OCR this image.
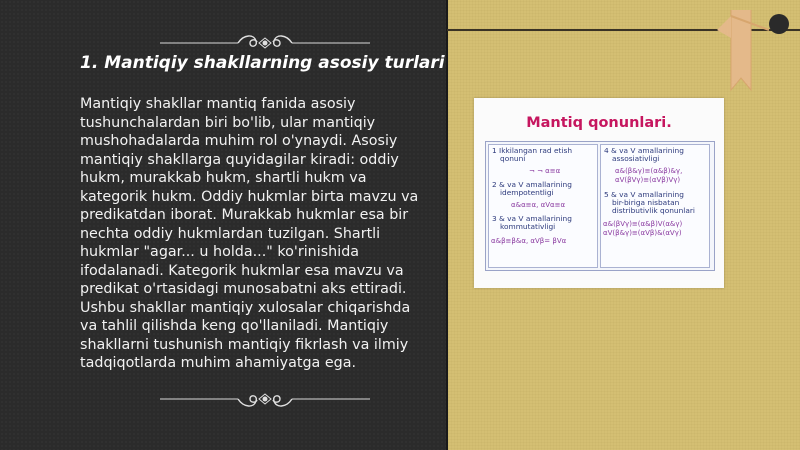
1. Mantiqiy shakllarning asosiy turlari

Mantiqiy shakllar mantiq fanida asosiy tushunchalardan biri bo'lib, ular mantiqiy mushohadalarda muhim rol o'ynaydi. Asosiy mantiqiy shakllarga quyidagilar kiradi: oddiy hukm, murakkab hukm, shartli hukm va kategorik hukm. Oddiy hukmlar birta mavzu va predikatdan iborat. Murakkab hukmlar esa bir nechta oddiy hukmlardan tuzilgan. Shartli hukmlar "agar... u holda..." ko'rinishida ifodalanadi. Kategorik hukmlar esa mavzu va predikat o'rtasidagi munosabatni aks ettiradi. Ushbu shakllar mantiqiy xulosalar chiqarishda va tahlil qilishda keng qo'llaniladi. Mantiqiy shakllarni tushunish mantiqiy fikrlash va ilmiy tadqiqotlarda muhim ahamiyatga ega.

Mantiq qonunlari.
1 Ikkilangan rad etish
qonuni
¬ ¬ α≡α
2 & va V amallarining
idempotentligi
α&α≡α, αVα≡α
3 & va V amallarining
kommutativligi
α&β≡β&α, αVβ= βVα
4 & va V amallarining
assosiativligi
α&(β&γ)≡(α&β)&γ,
αV(βVγ)≡(αVβ)Vγ)
5 & va V amallarining
bir-biriga nisbatan
distributivlik qonunlari
α&(βVγ)≡(α&β)V(α&γ)
αV(β&γ)≡(αVβ)&(αVγ)
